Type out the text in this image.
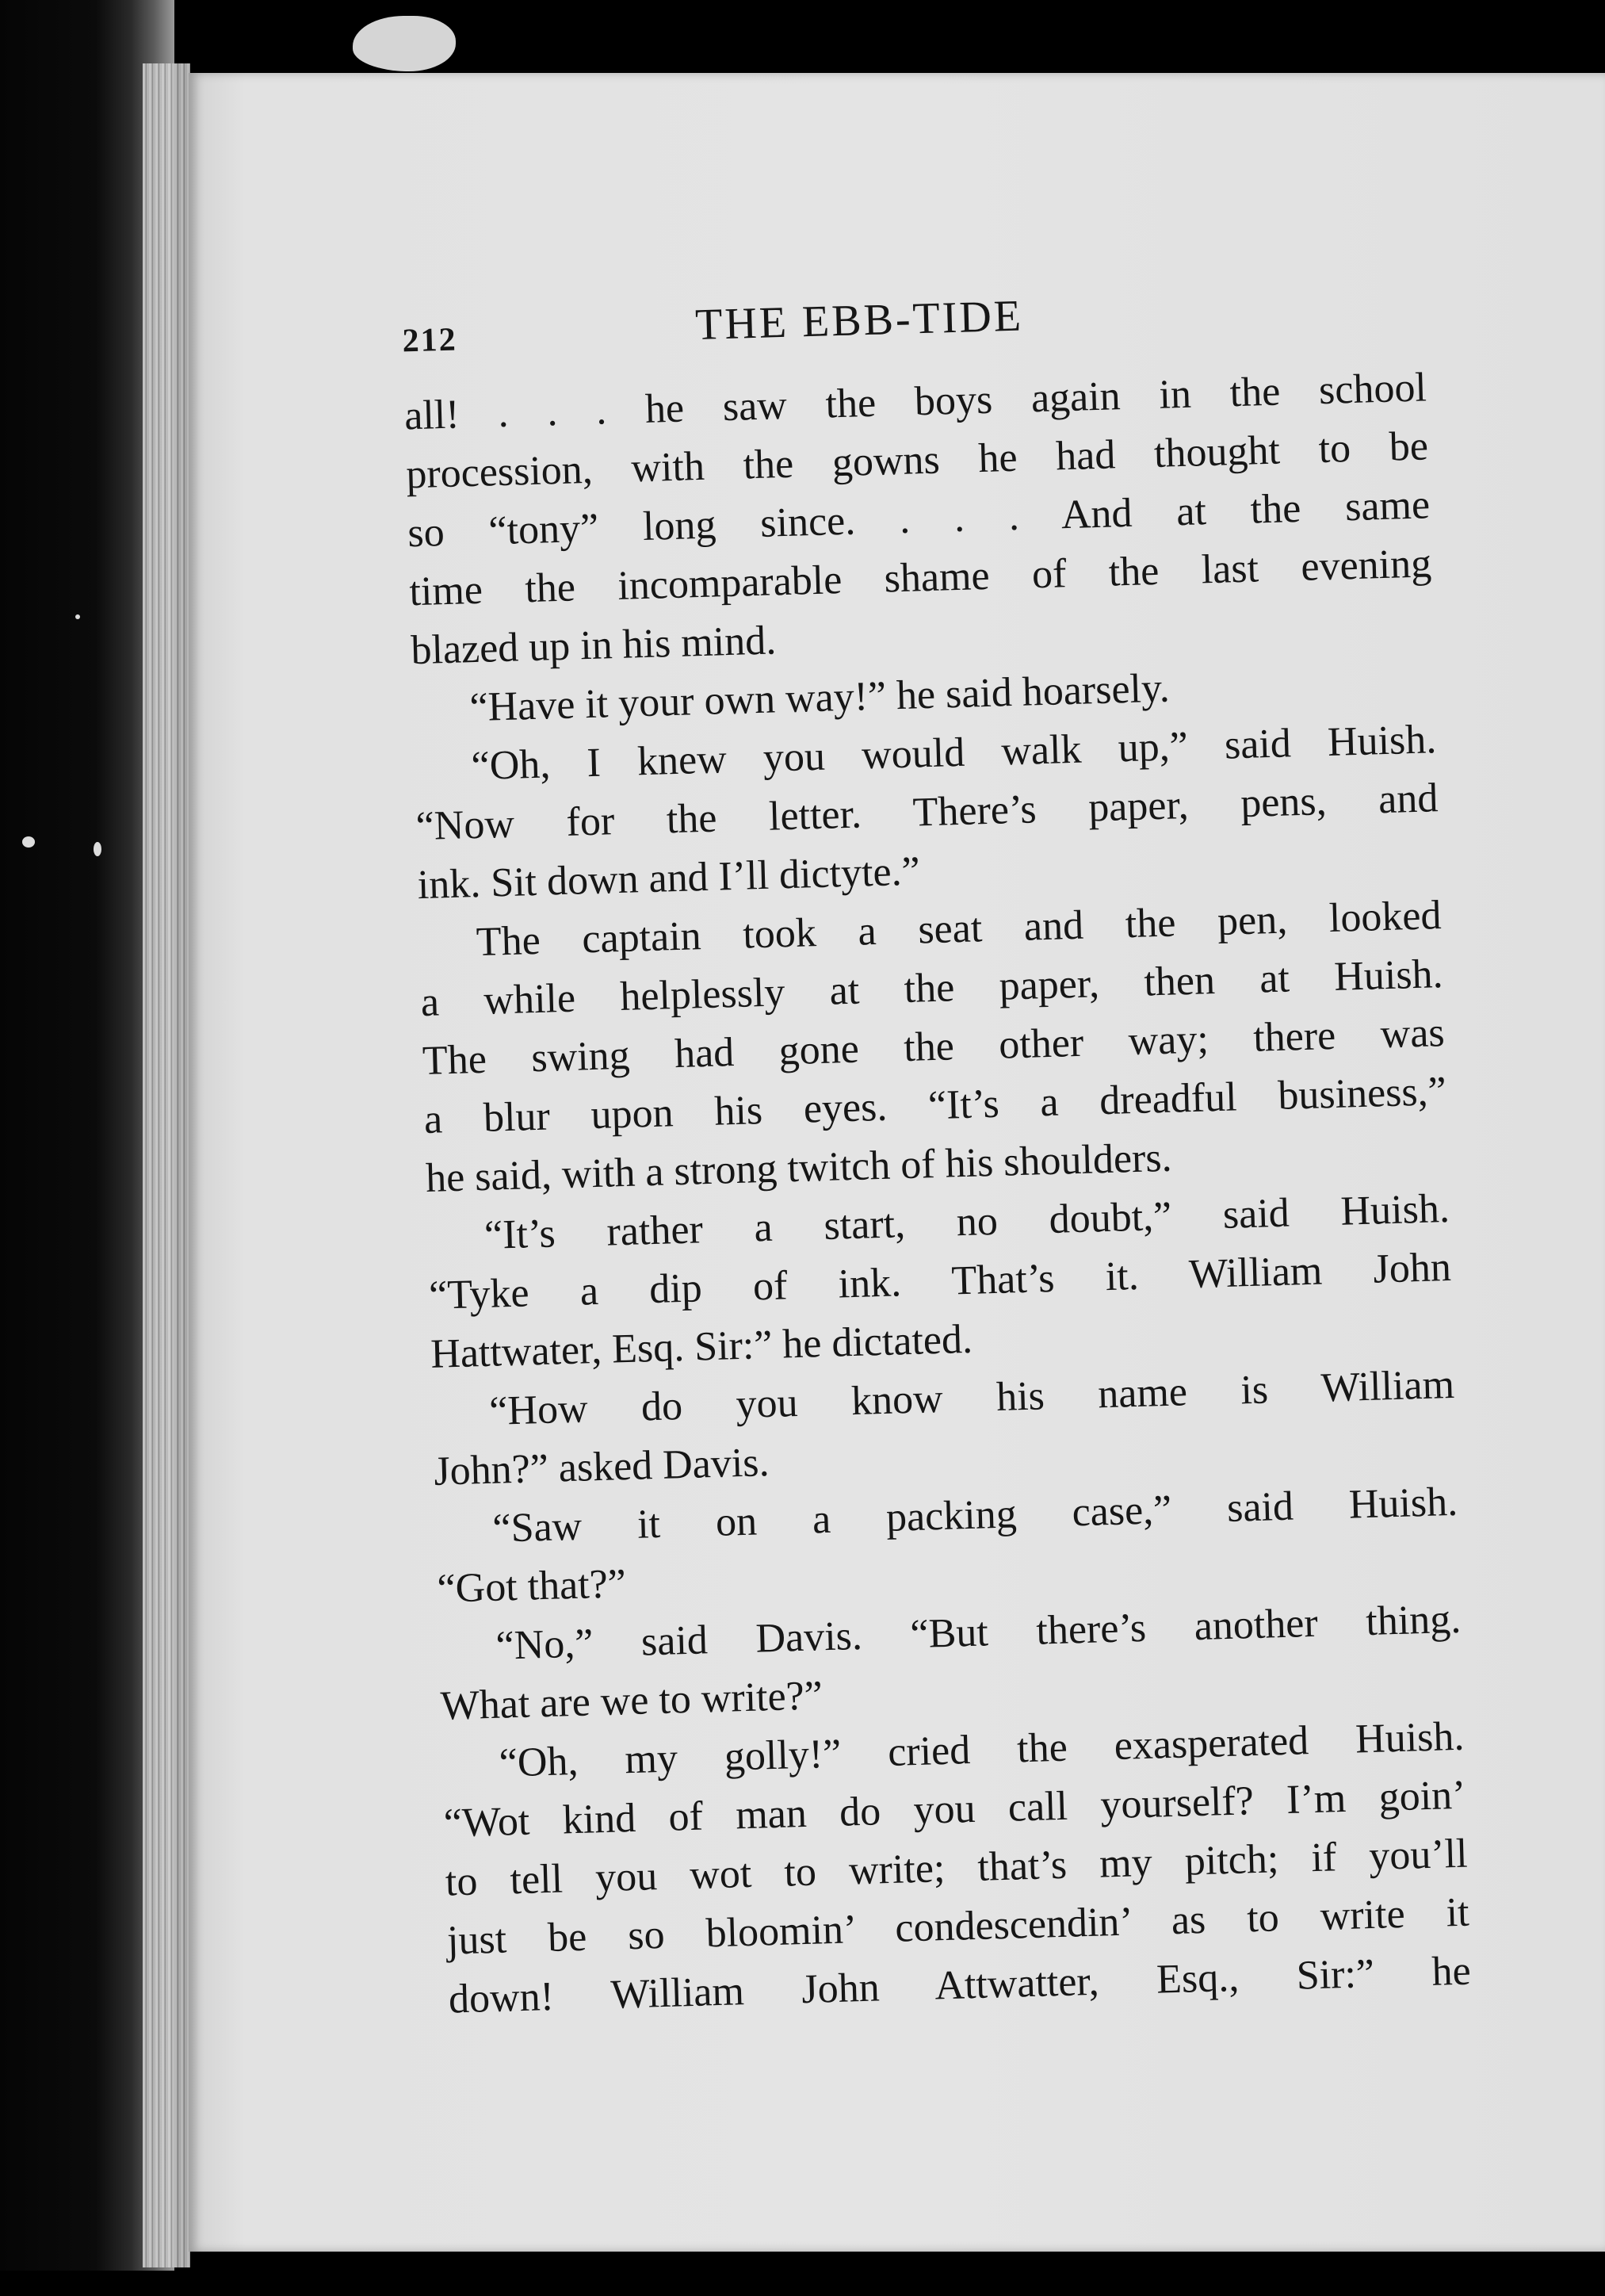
212	THE EBB-TIDE
all! . . . he saw the boys again in the school
procession, with the gowns he had thought to be
so “tony” long since. . . . And at the same
time the incomparable shame of the last evening
blazed up in his mind.
“Have it your own way!” he said hoarsely.
“Oh, I knew you would walk up,” said Huish.
“Now for the letter. There’s paper, pens, and
ink. Sit down and I’ll dictyte.”
The captain took a seat and the pen, looked
a while helplessly at the paper, then at Huish.
The swing had gone the other way; there was
a blur upon his eyes. “It’s a dreadful business,”
he said, with a strong twitch of his shoulders.
“It’s rather a start, no doubt,” said Huish.
“Tyke a dip of ink. That’s it. William John
Hattwater, Esq. Sir:” he dictated.
“How do you know his name is William
John?” asked Davis.
“Saw it on a packing case,” said Huish.
“Got that?”
“No,” said Davis. “But there’s another thing.
What are we to write?”
“Oh, my golly!” cried the exasperated Huish.
“Wot kind of man do you call yourself? I’m goin’
to tell you wot to write; that’s my pitch; if you’ll
just be so bloomin’ condescendin’ as to write it
down! William John Attwatter, Esq., Sir:” he
